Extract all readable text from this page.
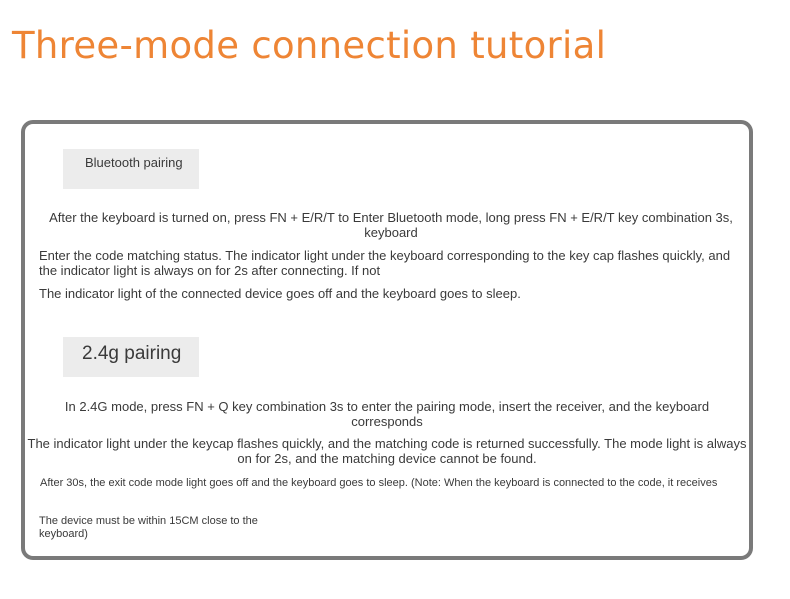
Three-mode connection tutorial
Bluetooth pairing
After the keyboard is turned on, press FN + E/R/T to Enter Bluetooth mode, long press FN + E/R/T key combination 3s, keyboard
Enter the code matching status. The indicator light under the keyboard corresponding to the key cap flashes quickly, and the indicator light is always on for 2s after connecting. If not
The indicator light of the connected device goes off and the keyboard goes to sleep.
2.4g pairing
In 2.4G mode, press FN + Q key combination 3s to enter the pairing mode, insert the receiver, and the keyboard corresponds
The indicator light under the keycap flashes quickly, and the matching code is returned successfully. The mode light is always on for 2s, and the matching device cannot be found.
After 30s, the exit code mode light goes off and the keyboard goes to sleep. (Note: When the keyboard is connected to the code, it receives
The device must be within 15CM close to the keyboard)
